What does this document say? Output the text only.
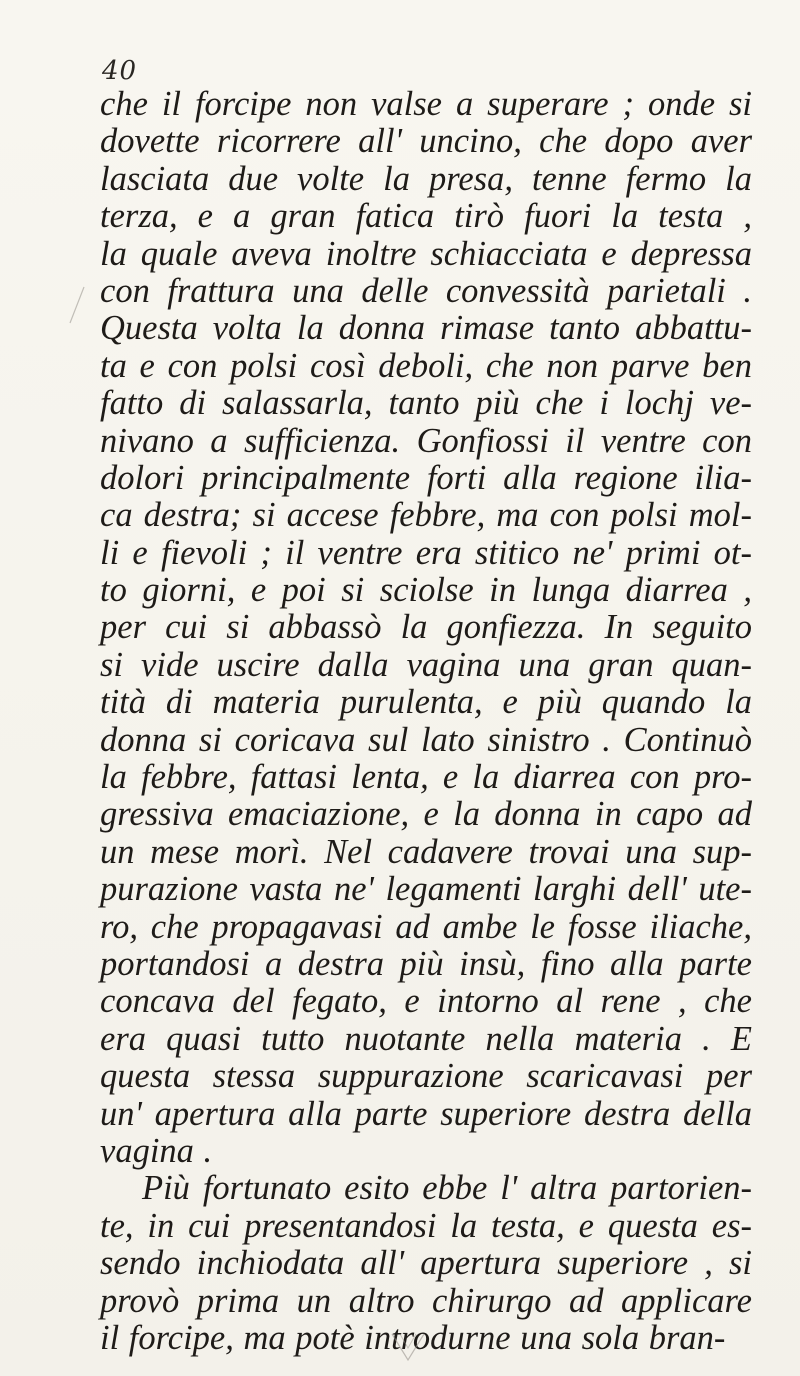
40
che il forcipe non valse a superare ; onde si
dovette ricorrere all' uncino, che dopo aver
lasciata due volte la presa, tenne fermo la
terza, e a gran fatica tirò fuori la testa ,
la quale aveva inoltre schiacciata e depressa
con frattura una delle convessità parietali .
Questa volta la donna rimase tanto abbattu-
ta e con polsi così deboli, che non parve ben
fatto di salassarla, tanto più che i lochj ve-
nivano a sufficienza. Gonfiossi il ventre con
dolori principalmente forti alla regione ilia-
ca destra; si accese febbre, ma con polsi mol-
li e fievoli ; il ventre era stitico ne' primi ot-
to giorni, e poi si sciolse in lunga diarrea ,
per cui si abbassò la gonfiezza. In seguito
si vide uscire dalla vagina una gran quan-
tità di materia purulenta, e più quando la
donna si coricava sul lato sinistro . Continuò
la febbre, fattasi lenta, e la diarrea con pro-
gressiva emaciazione, e la donna in capo ad
un mese morì. Nel cadavere trovai una sup-
purazione vasta ne' legamenti larghi dell' ute-
ro, che propagavasi ad ambe le fosse iliache,
portandosi a destra più insù, fino alla parte
concava del fegato, e intorno al rene , che
era quasi tutto nuotante nella materia . E
questa stessa suppurazione scaricavasi per
un' apertura alla parte superiore destra della
vagina .
Più fortunato esito ebbe l' altra partorien-
te, in cui presentandosi la testa, e questa es-
sendo inchiodata all' apertura superiore , si
provò prima un altro chirurgo ad applicare
il forcipe, ma potè introdurne una sola bran-
